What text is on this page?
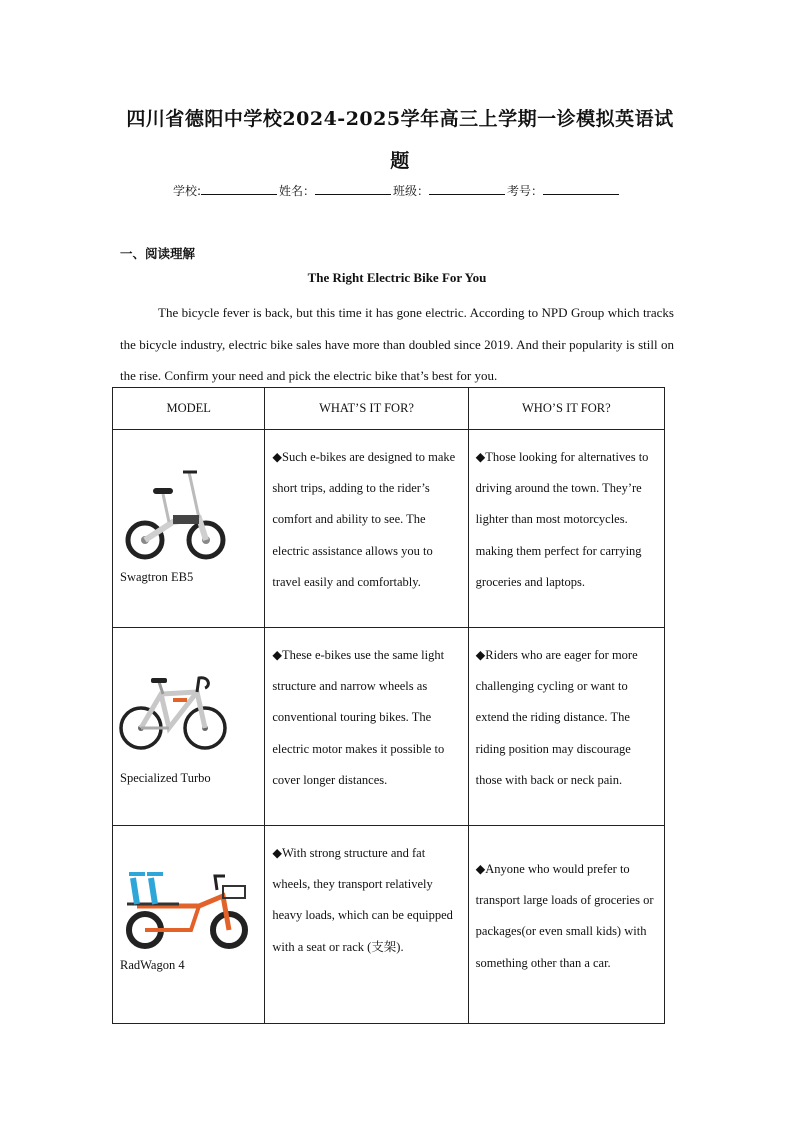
四川省德阳中学校2024-2025学年高三上学期一诊模拟英语试
题
学校:	姓名：	班级：	考号：
一、阅读理解
The Right Electric Bike For You
The bicycle fever is back, but this time it has gone electric. According to NPD Group which tracks the bicycle industry, electric bike sales have more than doubled since 2019. And their popularity is still on the rise. Confirm your need and pick the electric bike that’s best for you.
MODEL	WHAT’S IT FOR?	WHO’S IT FOR?

Swagtron EB5	◆Such e-bikes are designed to make short trips, adding to the rider’s comfort and ability to see. The electric assistance allows you to travel easily and comfortably.	◆Those looking for alternatives to driving around the town. They’re lighter than most motorcycles. making them perfect for carrying groceries and laptops.

Specialized Turbo	◆These e-bikes use the same light structure and narrow wheels as conventional touring bikes. The electric motor makes it possible to cover longer distances.	◆Riders who are eager for more challenging cycling or want to extend the riding distance. The riding position may discourage those with back or neck pain.

RadWagon 4	◆With strong structure and fat wheels, they transport relatively heavy loads, which can be equipped with a seat or rack (支架).	◆Anyone who would prefer to transport large loads of groceries or packages(or even small kids) with something other than a car.
